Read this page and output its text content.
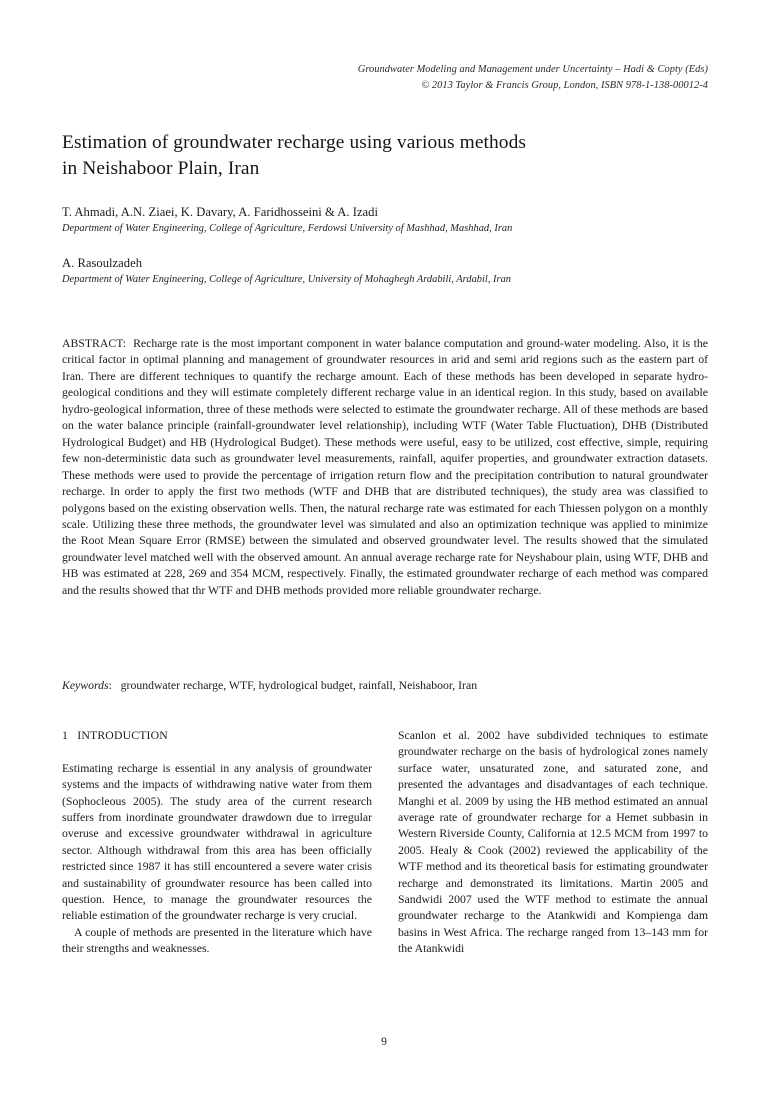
Groundwater Modeling and Management under Uncertainty – Hadi & Copty (Eds)
© 2013 Taylor & Francis Group, London, ISBN 978-1-138-00012-4
Estimation of groundwater recharge using various methods
in Neishaboor Plain, Iran
T. Ahmadi, A.N. Ziaei, K. Davary, A. Faridhosseini & A. Izadi
Department of Water Engineering, College of Agriculture, Ferdowsi University of Mashhad, Mashhad, Iran
A. Rasoulzadeh
Department of Water Engineering, College of Agriculture, University of Mohaghegh Ardabili, Ardabil, Iran

ABSTRACT: Recharge rate is the most important component in water balance computation and ground-water modeling. Also, it is the critical factor in optimal planning and management of groundwater resources in arid and semi arid regions such as the eastern part of Iran. There are different techniques to quantify the recharge amount. Each of these methods has been developed in separate hydro-geological conditions and they will estimate completely different recharge value in an identical region. In this study, based on available hydro-geological information, three of these methods were selected to estimate the groundwater recharge. All of these methods are based on the water balance principle (rainfall-groundwater level relationship), including WTF (Water Table Fluctuation), DHB (Distributed Hydrological Budget) and HB (Hydrological Budget). These methods were useful, easy to be utilized, cost effective, simple, requiring few non-deterministic data such as groundwater level measurements, rainfall, aquifer properties, and groundwater extraction datasets. These methods were used to provide the percentage of irrigation return flow and the precipitation contribution to natural groundwater recharge. In order to apply the first two methods (WTF and DHB that are distributed techniques), the study area was classified to polygons based on the existing observation wells. Then, the natural recharge rate was estimated for each Thiessen polygon on a monthly scale. Utilizing these three methods, the groundwater level was simulated and also an optimization technique was applied to minimize the Root Mean Square Error (RMSE) between the simulated and observed groundwater level. The results showed that the simulated groundwater level matched well with the observed amount. An annual average recharge rate for Neyshabour plain, using WTF, DHB and HB was estimated at 228, 269 and 354 MCM, respectively. Finally, the estimated groundwater recharge of each method was compared and the results showed that thr WTF and DHB methods provided more reliable groundwater recharge.

Keywords: groundwater recharge, WTF, hydrological budget, rainfall, Neishaboor, Iran
1 INTRODUCTION

Estimating recharge is essential in any analysis of groundwater systems and the impacts of withdrawing native water from them (Sophocleous 2005). The study area of the current research suffers from inordinate groundwater drawdown due to irregular overuse and excessive groundwater withdrawal in agriculture sector. Although withdrawal from this area has been officially restricted since 1987 it has still encountered a severe water crisis and sustainability of groundwater resource has been called into question. Hence, to manage the groundwater resources the reliable estimation of the groundwater recharge is very crucial.

A couple of methods are presented in the literature which have their strengths and weaknesses.

Scanlon et al. 2002 have subdivided techniques to estimate groundwater recharge on the basis of hydrological zones namely surface water, unsaturated zone, and saturated zone, and presented the advantages and disadvantages of each technique. Manghi et al. 2009 by using the HB method estimated an annual average rate of groundwater recharge for a Hemet subbasin in Western Riverside County, California at 12.5 MCM from 1997 to 2005. Healy & Cook (2002) reviewed the applicability of the WTF method and its theoretical basis for estimating groundwater recharge and demonstrated its limitations. Martin 2005 and Sandwidi 2007 used the WTF method to estimate the annual groundwater recharge to the Atankwidi and Kompienga dam basins in West Africa. The recharge ranged from 13–143 mm for the Atankwidi

9
